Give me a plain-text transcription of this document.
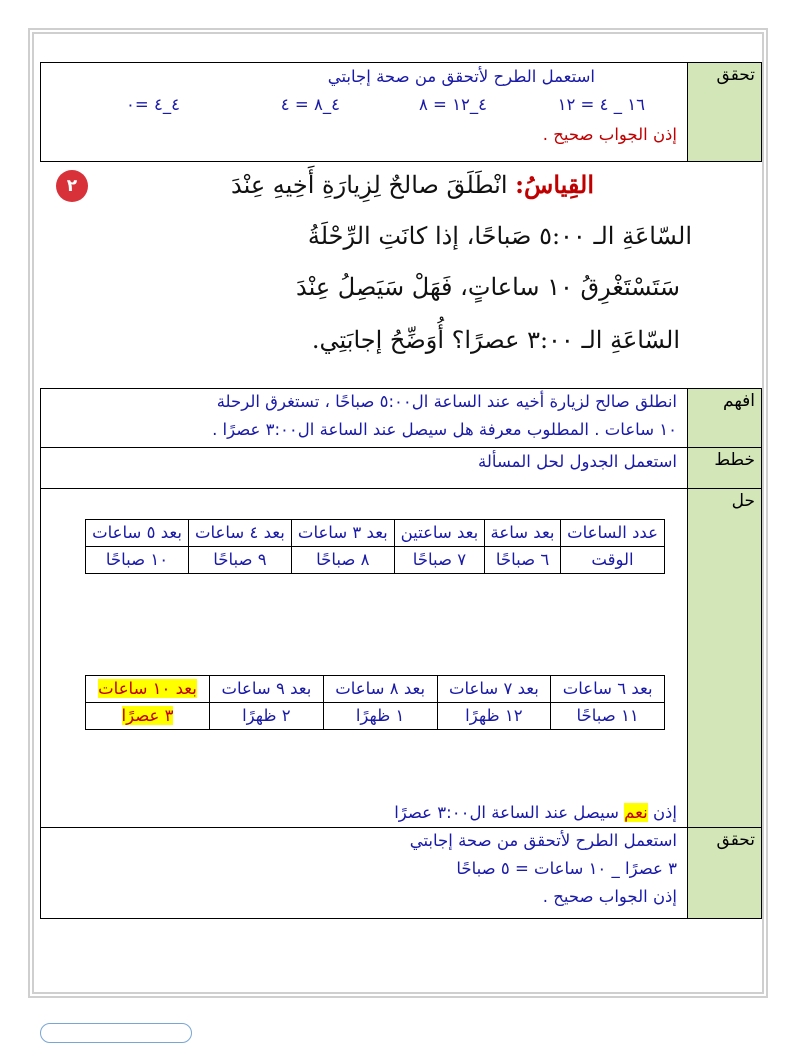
تحقق
استعمل الطرح لأتحقق من صحة إجابتي
١٦ _ ٤ = ١٢
٤_١٢ = ٨
٤_٨ = ٤
٤_٤ =٠
إذن الجواب صحيح .
٢	القِياسُ: انْطَلَقَ صالحٌ لِزِيارَةِ أَخِيهِ عِنْدَ
السّاعَةِ الـ ٥:٠٠ صَباحًا، إذا كانَتِ الرِّحْلَةُ
سَتَسْتَغْرِقُ ١٠ ساعاتٍ، فَهَلْ سَيَصِلُ عِنْدَ
السّاعَةِ الـ ٣:٠٠ عصرًا؟ أُوَضِّحُ إجابَتِي.
افهم
انطلق صالح لزيارة أخيه عند الساعة ال٥:٠٠ صباحًا ، تستغرق الرحلة
١٠ ساعات . المطلوب معرفة هل سيصل عند الساعة ال٣:٠٠ عصرًا .
خطط
استعمل الجدول لحل المسألة
حل
عدد الساعات	بعد ساعة	بعد ساعتين	بعد ٣ ساعات	بعد ٤ ساعات	بعد ٥ ساعات
الوقت	٦ صباحًا	٧ صباحًا	٨ صباحًا	٩ صباحًا	١٠ صباحًا
بعد ٦ ساعات	بعد ٧ ساعات	بعد ٨ ساعات	بعد ٩ ساعات	بعد ١٠ ساعات
١١ صباحًا	١٢ ظهرًا	١ ظهرًا	٢ ظهرًا	٣ عصرًا
إذن نعم سيصل عند الساعة ال٣:٠٠ عصرًا
تحقق
استعمل الطرح لأتحقق من صحة إجابتي
٣ عصرًا _ ١٠ ساعات = ٥ صباحًا
إذن الجواب صحيح .
